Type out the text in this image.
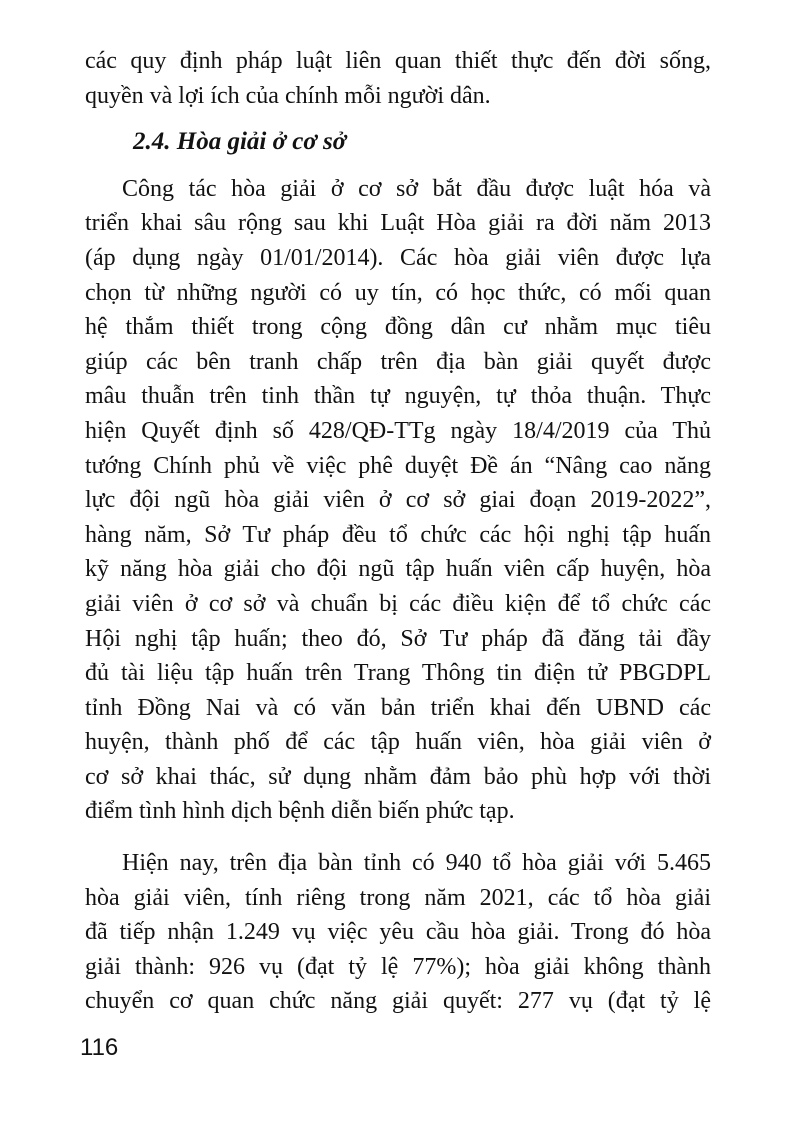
các quy định pháp luật liên quan thiết thực đến đời sống,
quyền và lợi ích của chính mỗi người dân.

2.4. Hòa giải ở cơ sở

Công tác hòa giải ở cơ sở bắt đầu được luật hóa và
triển khai sâu rộng sau khi Luật Hòa giải ra đời năm 2013
(áp dụng ngày 01/01/2014). Các hòa giải viên được lựa
chọn từ những người có uy tín, có học thức, có mối quan
hệ thắm thiết trong cộng đồng dân cư nhằm mục tiêu
giúp các bên tranh chấp trên địa bàn giải quyết được
mâu thuẫn trên tinh thần tự nguyện, tự thỏa thuận. Thực
hiện Quyết định số 428/QĐ-TTg ngày 18/4/2019 của Thủ
tướng Chính phủ về việc phê duyệt Đề án “Nâng cao năng
lực đội ngũ hòa giải viên ở cơ sở giai đoạn 2019-2022”,
hàng năm, Sở Tư pháp đều tổ chức các hội nghị tập huấn
kỹ năng hòa giải cho đội ngũ tập huấn viên cấp huyện, hòa
giải viên ở cơ sở và chuẩn bị các điều kiện để tổ chức các
Hội nghị tập huấn; theo đó, Sở Tư pháp đã đăng tải đầy
đủ tài liệu tập huấn trên Trang Thông tin điện tử PBGDPL
tỉnh Đồng Nai và có văn bản triển khai đến UBND các
huyện, thành phố để các tập huấn viên, hòa giải viên ở
cơ sở khai thác, sử dụng nhằm đảm bảo phù hợp với thời
điểm tình hình dịch bệnh diễn biến phức tạp.

Hiện nay, trên địa bàn tỉnh có 940 tổ hòa giải với 5.465
hòa giải viên, tính riêng trong năm 2021, các tổ hòa giải
đã tiếp nhận 1.249 vụ việc yêu cầu hòa giải. Trong đó hòa
giải thành: 926 vụ (đạt tỷ lệ 77%); hòa giải không thành
chuyển cơ quan chức năng giải quyết: 277 vụ (đạt tỷ lệ

116
